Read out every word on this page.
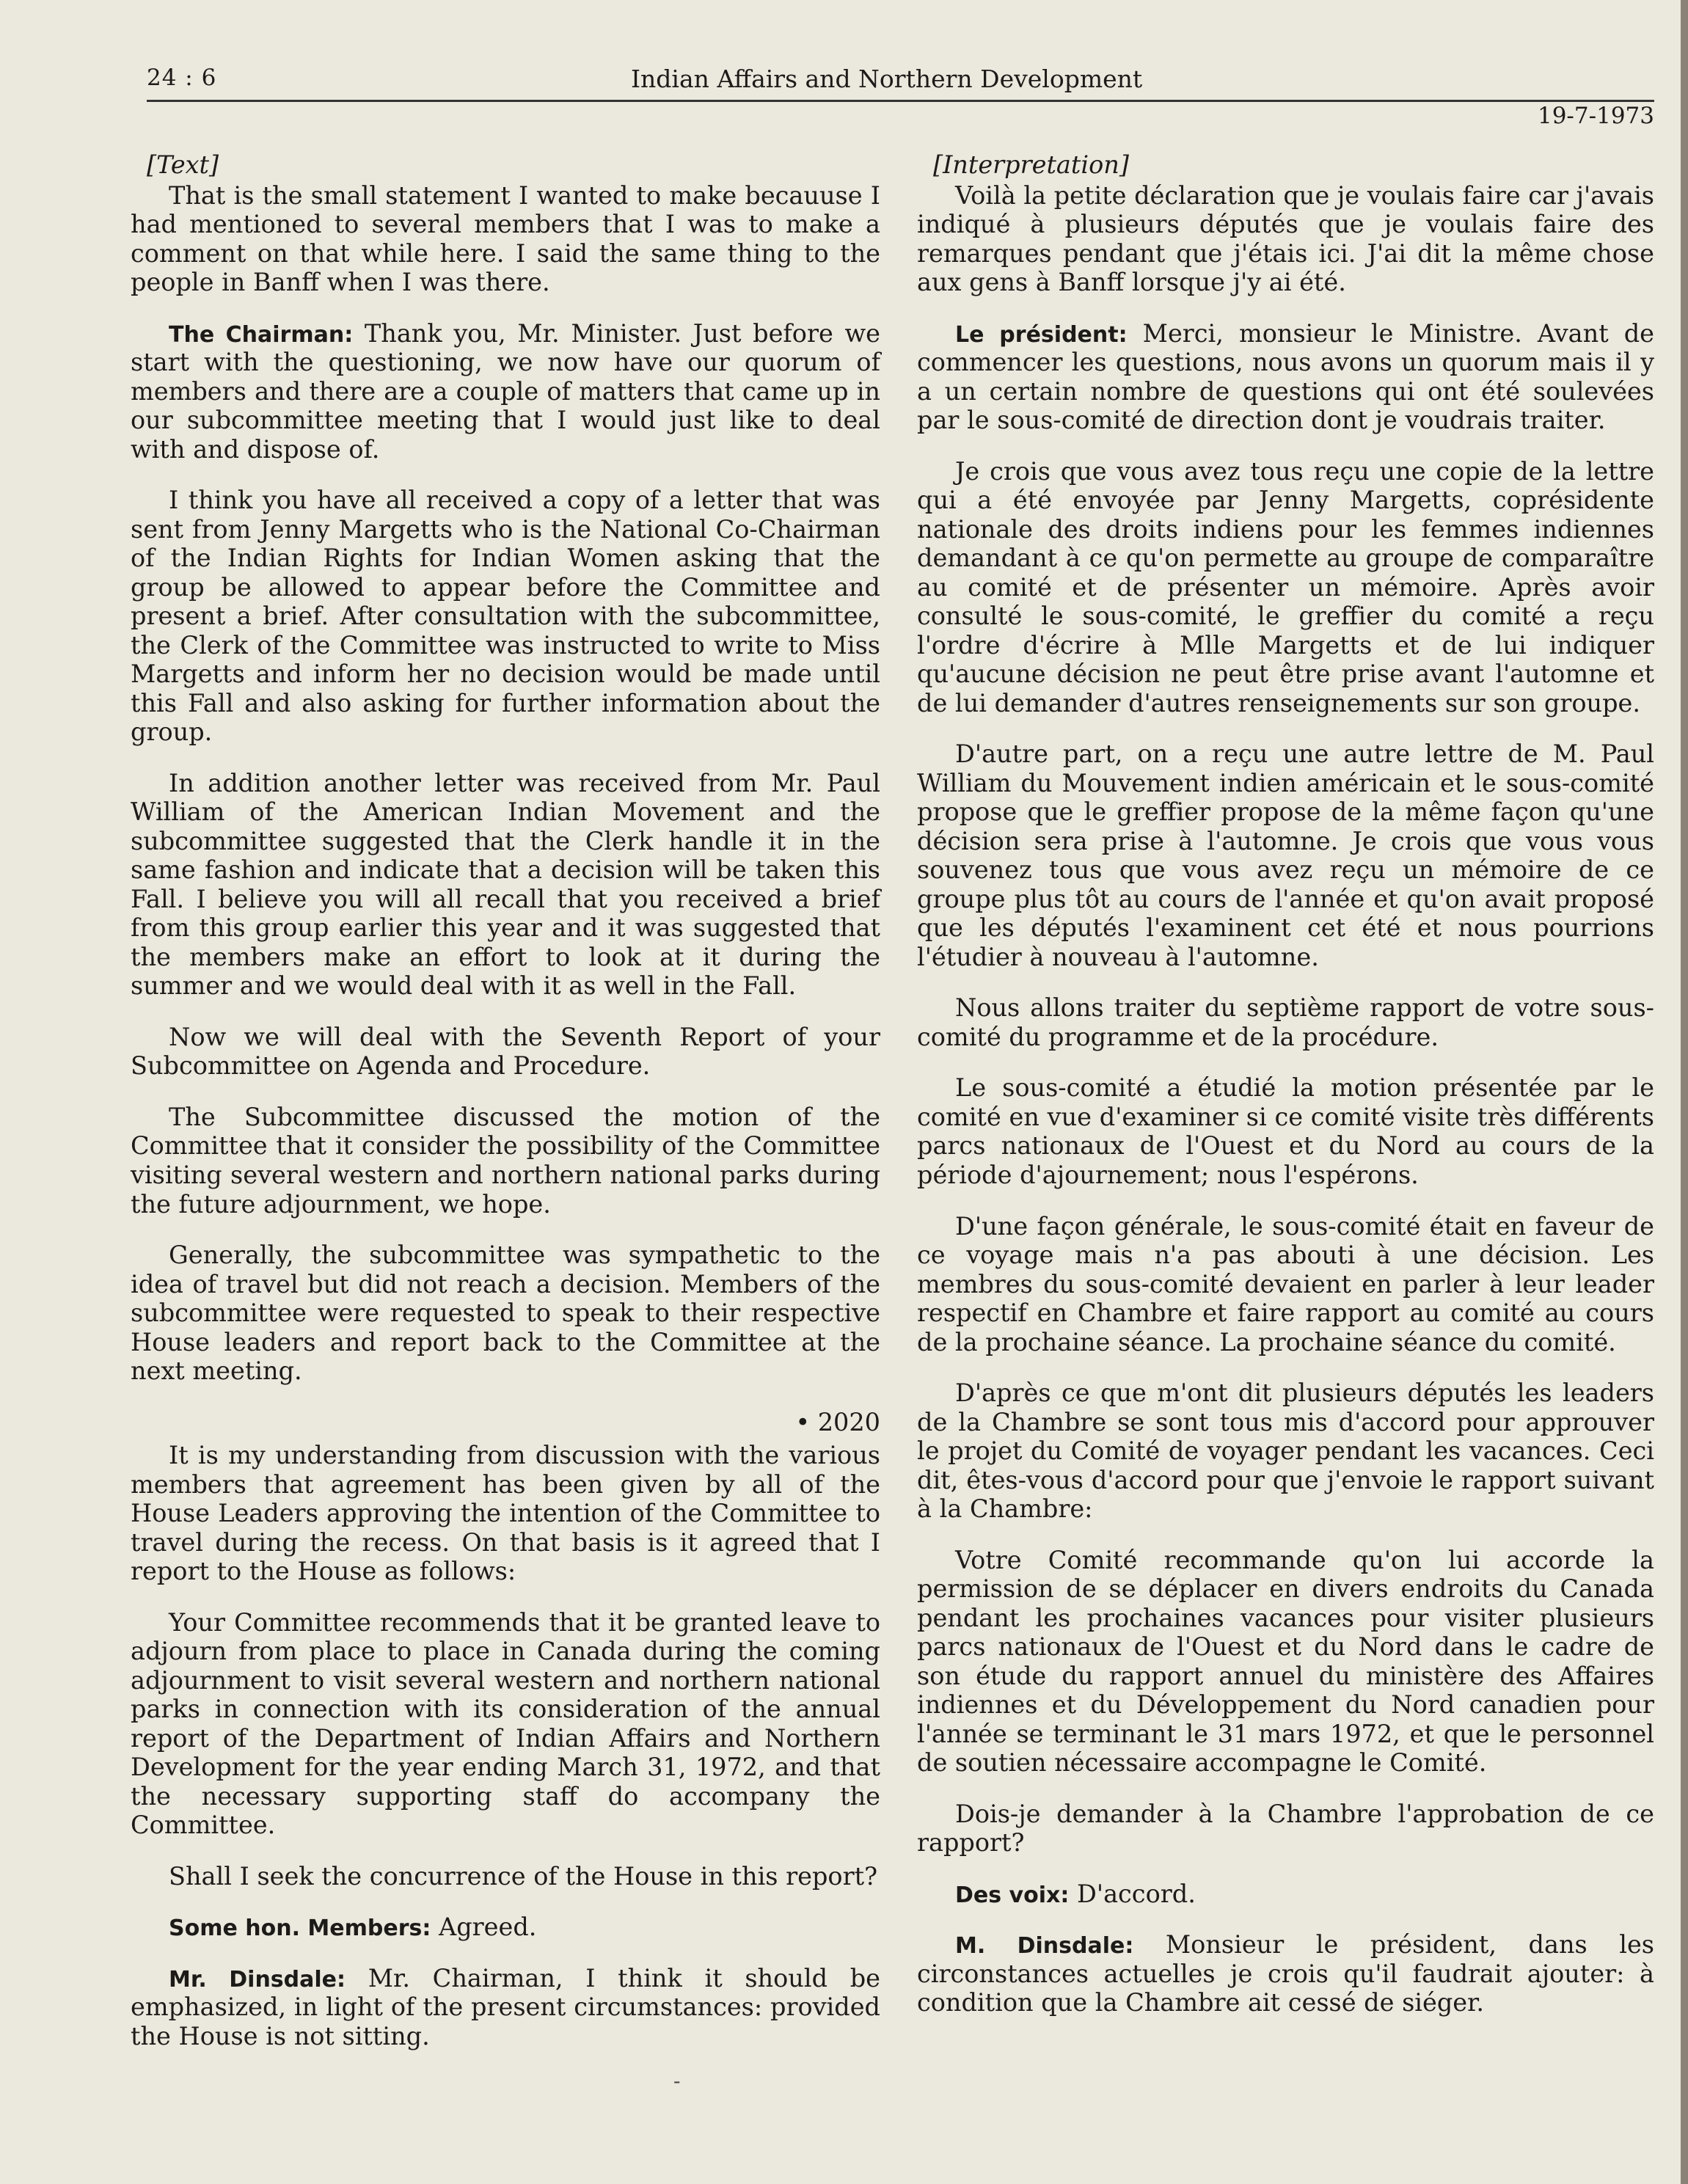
24 : 6	Indian Affairs and Northern Development
19-7-1973

[Text]

That is the small statement I wanted to make becauuse I had mentioned to several members that I was to make a comment on that while here. I said the same thing to the people in Banff when I was there.

The Chairman: Thank you, Mr. Minister. Just before we start with the questioning, we now have our quorum of members and there are a couple of matters that came up in our subcommittee meeting that I would just like to deal with and dispose of.

I think you have all received a copy of a letter that was sent from Jenny Margetts who is the National Co-Chairman of the Indian Rights for Indian Women asking that the group be allowed to appear before the Committee and present a brief. After consultation with the subcommittee, the Clerk of the Committee was instructed to write to Miss Margetts and inform her no decision would be made until this Fall and also asking for further information about the group.

In addition another letter was received from Mr. Paul William of the American Indian Movement and the subcommittee suggested that the Clerk handle it in the same fashion and indicate that a decision will be taken this Fall. I believe you will all recall that you received a brief from this group earlier this year and it was suggested that the members make an effort to look at it during the summer and we would deal with it as well in the Fall.

Now we will deal with the Seventh Report of your Subcommittee on Agenda and Procedure.

The Subcommittee discussed the motion of the Committee that it consider the possibility of the Committee visiting several western and northern national parks during the future adjournment, we hope.

Generally, the subcommittee was sympathetic to the idea of travel but did not reach a decision. Members of the subcommittee were requested to speak to their respective House leaders and report back to the Committee at the next meeting.

• 2020

It is my understanding from discussion with the various members that agreement has been given by all of the House Leaders approving the intention of the Committee to travel during the recess. On that basis is it agreed that I report to the House as follows:

Your Committee recommends that it be granted leave to adjourn from place to place in Canada during the coming adjournment to visit several western and northern national parks in connection with its consideration of the annual report of the Department of Indian Affairs and Northern Development for the year ending March 31, 1972, and that the necessary supporting staff do accompany the Committee.

Shall I seek the concurrence of the House in this report?

Some hon. Members: Agreed.

Mr. Dinsdale: Mr. Chairman, I think it should be emphasized, in light of the present circumstances: provided the House is not sitting.

[Interpretation]

Voilà la petite déclaration que je voulais faire car j'avais indiqué à plusieurs députés que je voulais faire des remarques pendant que j'étais ici. J'ai dit la même chose aux gens à Banff lorsque j'y ai été.

Le président: Merci, monsieur le Ministre. Avant de commencer les questions, nous avons un quorum mais il y a un certain nombre de questions qui ont été soulevées par le sous-comité de direction dont je voudrais traiter.

Je crois que vous avez tous reçu une copie de la lettre qui a été envoyée par Jenny Margetts, coprésidente nationale des droits indiens pour les femmes indiennes demandant à ce qu'on permette au groupe de comparaître au comité et de présenter un mémoire. Après avoir consulté le sous-comité, le greffier du comité a reçu l'ordre d'écrire à Mlle Margetts et de lui indiquer qu'aucune décision ne peut être prise avant l'automne et de lui demander d'autres renseignements sur son groupe.

D'autre part, on a reçu une autre lettre de M. Paul William du Mouvement indien américain et le sous-comité propose que le greffier propose de la même façon qu'une décision sera prise à l'automne. Je crois que vous vous souvenez tous que vous avez reçu un mémoire de ce groupe plus tôt au cours de l'année et qu'on avait proposé que les députés l'examinent cet été et nous pourrions l'étudier à nouveau à l'automne.

Nous allons traiter du septième rapport de votre sous-comité du programme et de la procédure.

Le sous-comité a étudié la motion présentée par le comité en vue d'examiner si ce comité visite très différents parcs nationaux de l'Ouest et du Nord au cours de la période d'ajournement; nous l'espérons.

D'une façon générale, le sous-comité était en faveur de ce voyage mais n'a pas abouti à une décision. Les membres du sous-comité devaient en parler à leur leader respectif en Chambre et faire rapport au comité au cours de la prochaine séance. La prochaine séance du comité.

D'après ce que m'ont dit plusieurs députés les leaders de la Chambre se sont tous mis d'accord pour approuver le projet du Comité de voyager pendant les vacances. Ceci dit, êtes-vous d'accord pour que j'envoie le rapport suivant à la Chambre:

Votre Comité recommande qu'on lui accorde la permission de se déplacer en divers endroits du Canada pendant les prochaines vacances pour visiter plusieurs parcs nationaux de l'Ouest et du Nord dans le cadre de son étude du rapport annuel du ministère des Affaires indiennes et du Développement du Nord canadien pour l'année se terminant le 31 mars 1972, et que le personnel de soutien nécessaire accompagne le Comité.

Dois-je demander à la Chambre l'approbation de ce rapport?

Des voix: D'accord.

M. Dinsdale: Monsieur le président, dans les circonstances actuelles je crois qu'il faudrait ajouter: à condition que la Chambre ait cessé de siéger.

-
